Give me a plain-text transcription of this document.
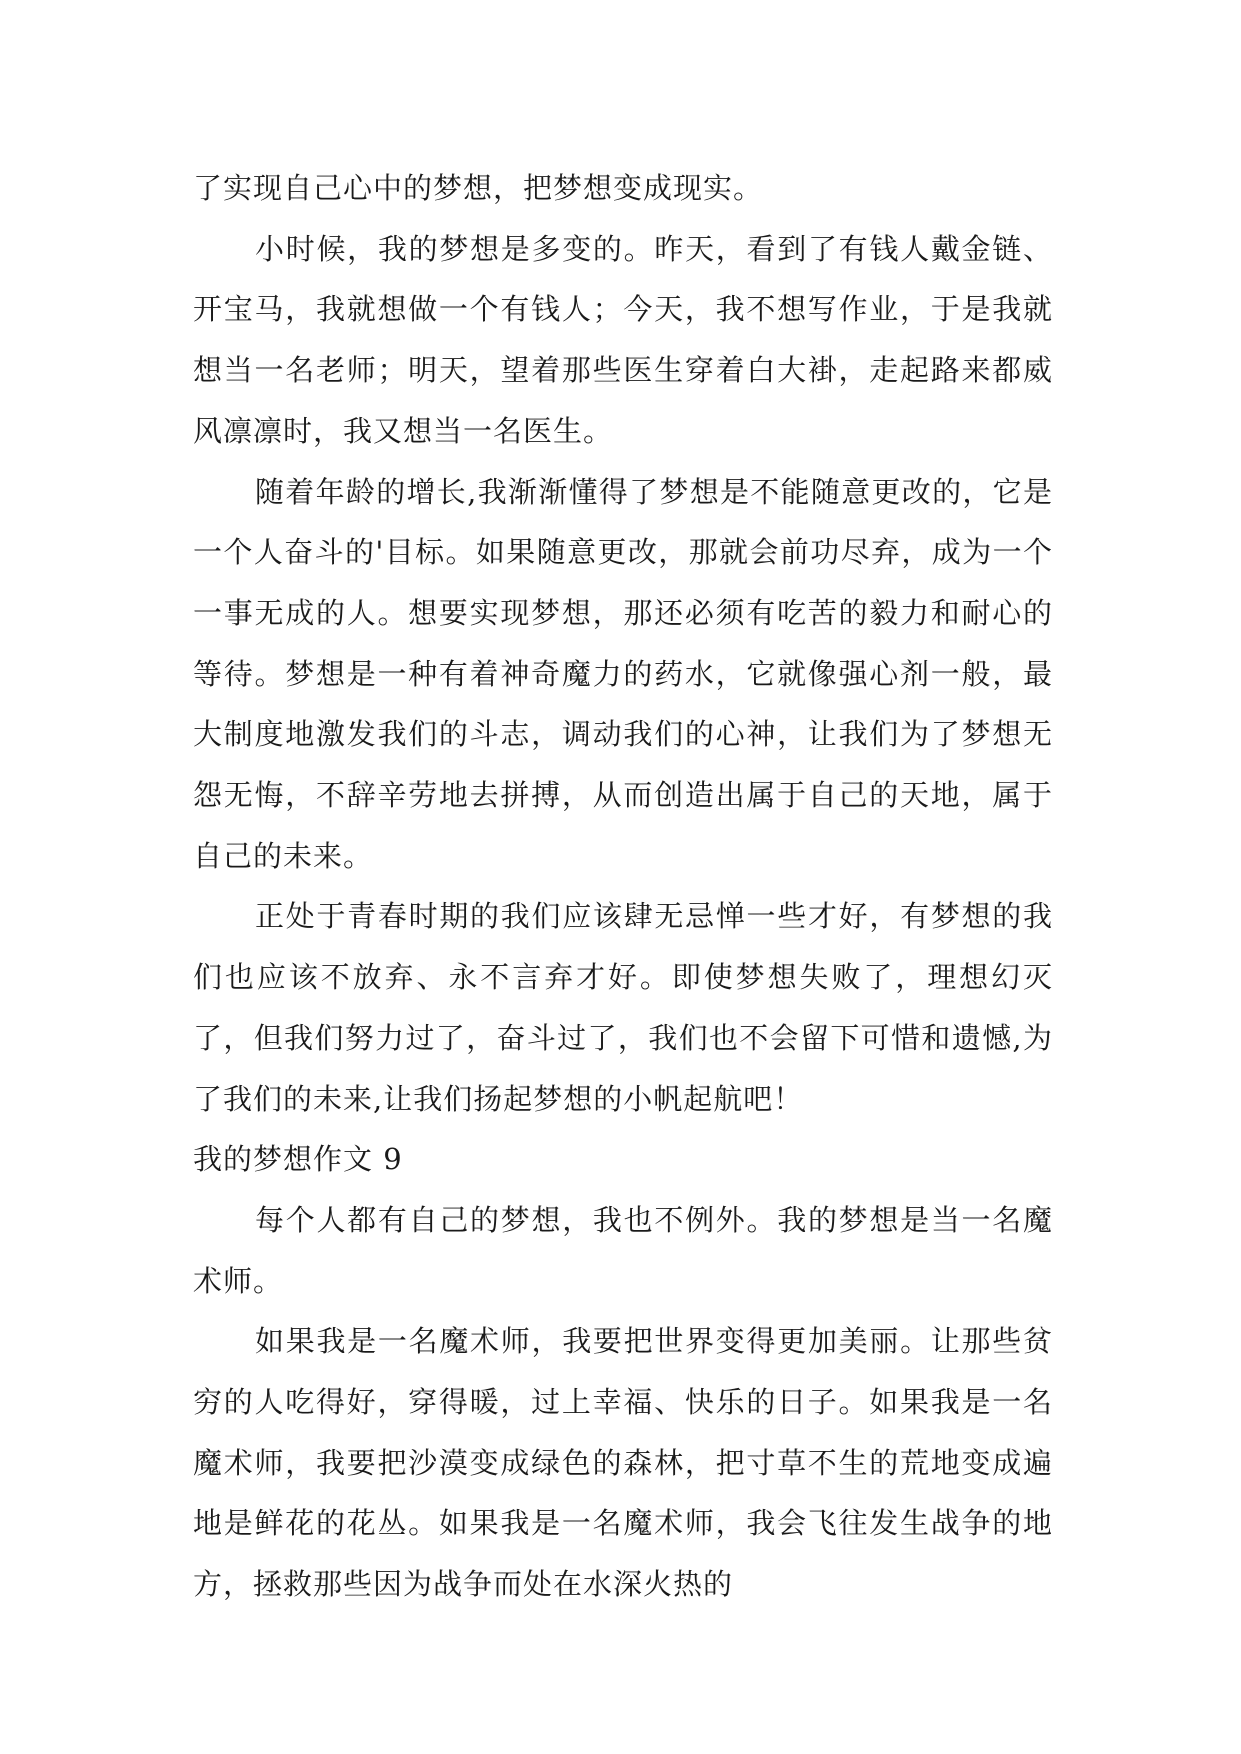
了实现自己心中的梦想，把梦想变成现实。

小时候，我的梦想是多变的。昨天，看到了有钱人戴金链、开宝马，我就想做一个有钱人；今天，我不想写作业，于是我就想当一名老师；明天，望着那些医生穿着白大褂，走起路来都威风凛凛时，我又想当一名医生。

随着年龄的增长,我渐渐懂得了梦想是不能随意更改的，它是一个人奋斗的'目标。如果随意更改，那就会前功尽弃，成为一个一事无成的人。想要实现梦想，那还必须有吃苦的毅力和耐心的等待。梦想是一种有着神奇魔力的药水，它就像强心剂一般，最大制度地激发我们的斗志，调动我们的心神，让我们为了梦想无怨无悔，不辞辛劳地去拼搏，从而创造出属于自己的天地，属于自己的未来。

正处于青春时期的我们应该肆无忌惮一些才好，有梦想的我们也应该不放弃、永不言弃才好。即使梦想失败了，理想幻灭了，但我们努力过了，奋斗过了，我们也不会留下可惜和遗憾,为了我们的未来,让我们扬起梦想的小帆起航吧！

我的梦想作文 9

每个人都有自己的梦想，我也不例外。我的梦想是当一名魔术师。

如果我是一名魔术师，我要把世界变得更加美丽。让那些贫穷的人吃得好，穿得暖，过上幸福、快乐的日子。如果我是一名魔术师，我要把沙漠变成绿色的森林，把寸草不生的荒地变成遍地是鲜花的花丛。如果我是一名魔术师，我会飞往发生战争的地方，拯救那些因为战争而处在水深火热的
